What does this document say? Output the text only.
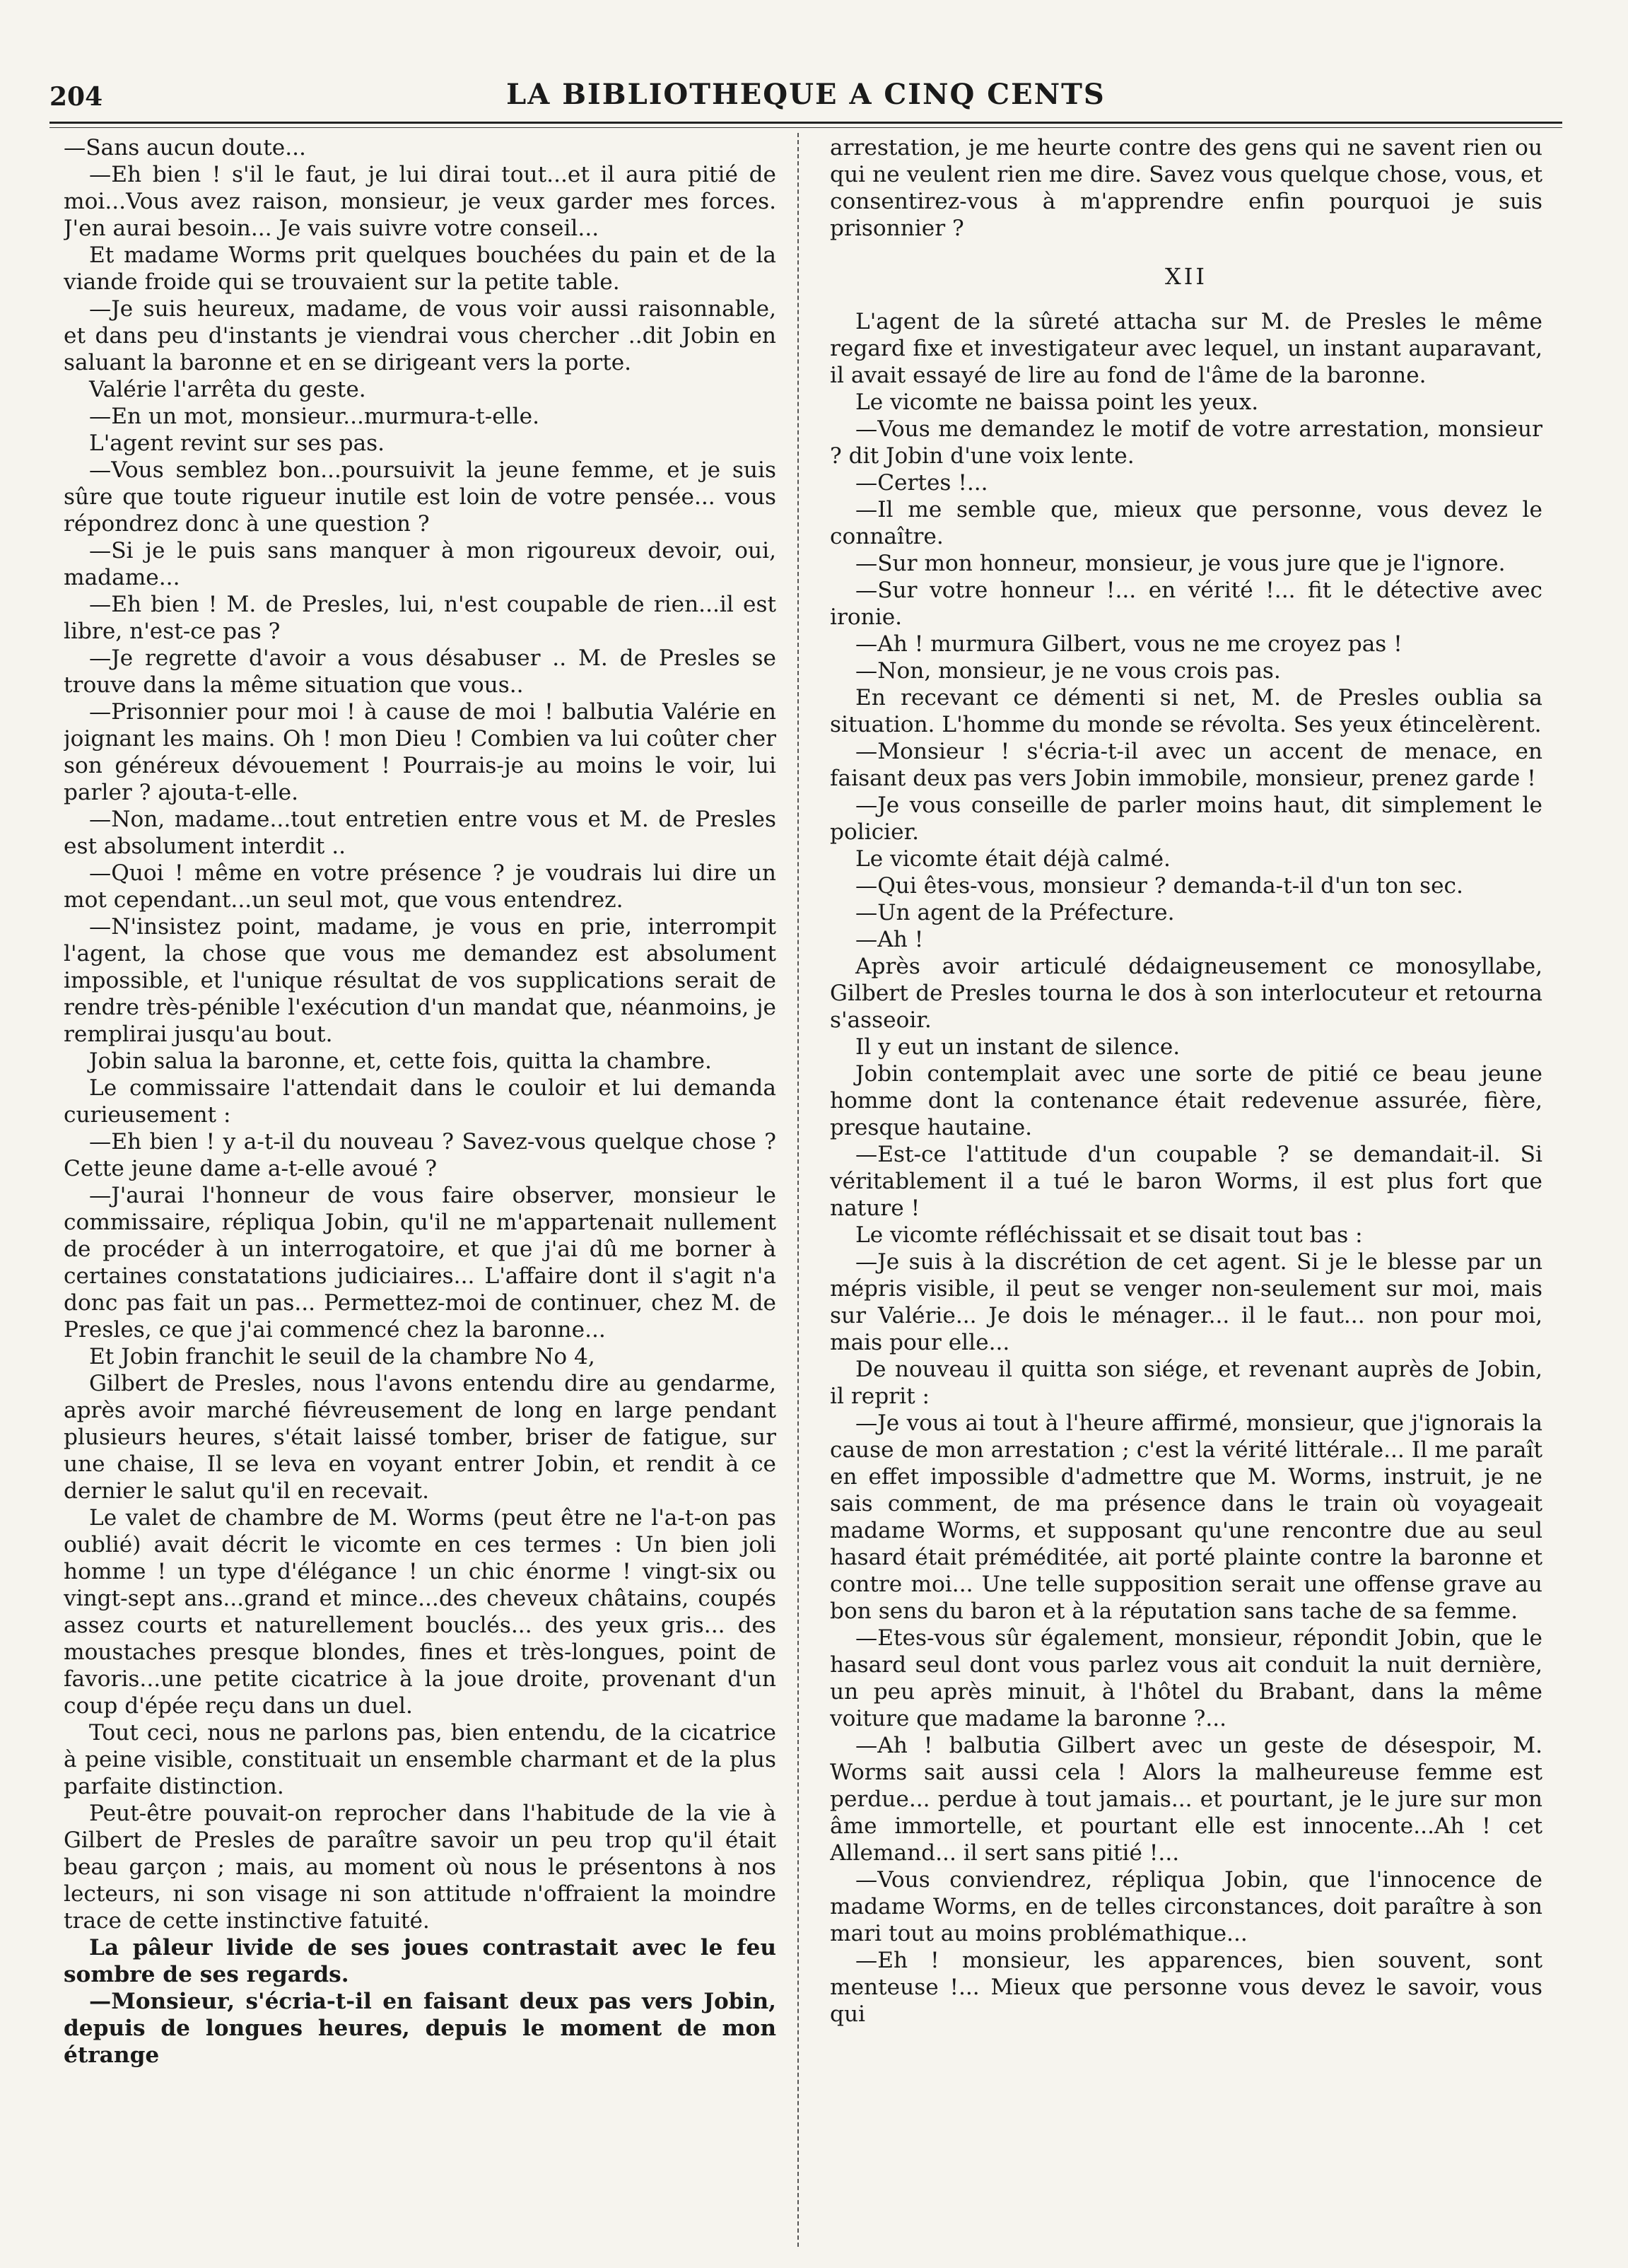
204	LA BIBLIOTHEQUE A CINQ CENTS

—Sans aucun doute...

—Eh bien ! s'il le faut, je lui dirai tout...et il aura pitié de moi...Vous avez raison, monsieur, je veux garder mes forces. J'en aurai besoin... Je vais suivre votre conseil...

Et madame Worms prit quelques bouchées du pain et de la viande froide qui se trouvaient sur la petite table.

—Je suis heureux, madame, de vous voir aussi raisonnable, et dans peu d'instants je viendrai vous chercher ..dit Jobin en saluant la baronne et en se dirigeant vers la porte.

Valérie l'arrêta du geste.

—En un mot, monsieur...murmura-t-elle.

L'agent revint sur ses pas.

—Vous semblez bon...poursuivit la jeune femme, et je suis sûre que toute rigueur inutile est loin de votre pensée... vous répondrez donc à une question ?

—Si je le puis sans manquer à mon rigoureux devoir, oui, madame...

—Eh bien ! M. de Presles, lui, n'est coupable de rien...il est libre, n'est-ce pas ?

—Je regrette d'avoir a vous désabuser .. M. de Presles se trouve dans la même situation que vous..

—Prisonnier pour moi ! à cause de moi ! balbutia Valérie en joignant les mains. Oh ! mon Dieu ! Combien va lui coûter cher son généreux dévouement ! Pourrais-je au moins le voir, lui parler ? ajouta-t-elle.

—Non, madame...tout entretien entre vous et M. de Presles est absolument interdit ..

—Quoi ! même en votre présence ? je voudrais lui dire un mot cependant...un seul mot, que vous entendrez.

—N'insistez point, madame, je vous en prie, interrompit l'agent, la chose que vous me demandez est absolument impossible, et l'unique résultat de vos supplications serait de rendre très-pénible l'exécution d'un mandat que, néanmoins, je remplirai jusqu'au bout.

Jobin salua la baronne, et, cette fois, quitta la chambre.

Le commissaire l'attendait dans le couloir et lui demanda curieusement :

—Eh bien ! y a-t-il du nouveau ? Savez-vous quelque chose ? Cette jeune dame a-t-elle avoué ?

—J'aurai l'honneur de vous faire observer, monsieur le commissaire, répliqua Jobin, qu'il ne m'appartenait nullement de procéder à un interrogatoire, et que j'ai dû me borner à certaines constatations judiciaires... L'affaire dont il s'agit n'a donc pas fait un pas... Permettez-moi de continuer, chez M. de Presles, ce que j'ai commencé chez la baronne...

Et Jobin franchit le seuil de la chambre No 4,

Gilbert de Presles, nous l'avons entendu dire au gendarme, après avoir marché fiévreusement de long en large pendant plusieurs heures, s'était laissé tomber, briser de fatigue, sur une chaise, Il se leva en voyant entrer Jobin, et rendit à ce dernier le salut qu'il en recevait.

Le valet de chambre de M. Worms (peut être ne l'a-t-on pas oublié) avait décrit le vicomte en ces termes : Un bien joli homme ! un type d'élégance ! un chic énorme ! vingt-six ou vingt-sept ans...grand et mince...des cheveux châtains, coupés assez courts et naturellement bouclés... des yeux gris... des moustaches presque blondes, fines et très-longues, point de favoris...une petite cicatrice à la joue droite, provenant d'un coup d'épée reçu dans un duel.

Tout ceci, nous ne parlons pas, bien entendu, de la cicatrice à peine visible, constituait un ensemble charmant et de la plus parfaite distinction.

Peut-être pouvait-on reprocher dans l'habitude de la vie à Gilbert de Presles de paraître savoir un peu trop qu'il était beau garçon ; mais, au moment où nous le présentons à nos lecteurs, ni son visage ni son attitude n'offraient la moindre trace de cette instinctive fatuité.

La pâleur livide de ses joues contrastait avec le feu sombre de ses regards.

—Monsieur, s'écria-t-il en faisant deux pas vers Jobin, depuis de longues heures, depuis le moment de mon étrange

arrestation, je me heurte contre des gens qui ne savent rien ou qui ne veulent rien me dire. Savez vous quelque chose, vous, et consentirez-vous à m'apprendre enfin pourquoi je suis prisonnier ?

XII

L'agent de la sûreté attacha sur M. de Presles le même regard fixe et investigateur avec lequel, un instant auparavant, il avait essayé de lire au fond de l'âme de la baronne.

Le vicomte ne baissa point les yeux.

—Vous me demandez le motif de votre arrestation, monsieur ? dit Jobin d'une voix lente.

—Certes !...

—Il me semble que, mieux que personne, vous devez le connaître.

—Sur mon honneur, monsieur, je vous jure que je l'ignore.

—Sur votre honneur !... en vérité !... fit le détective avec ironie.

—Ah ! murmura Gilbert, vous ne me croyez pas !

—Non, monsieur, je ne vous crois pas.

En recevant ce démenti si net, M. de Presles oublia sa situation. L'homme du monde se révolta. Ses yeux étincelèrent.

—Monsieur ! s'écria-t-il avec un accent de menace, en faisant deux pas vers Jobin immobile, monsieur, prenez garde !

—Je vous conseille de parler moins haut, dit simplement le policier.

Le vicomte était déjà calmé.

—Qui êtes-vous, monsieur ? demanda-t-il d'un ton sec.

—Un agent de la Préfecture.

—Ah !

Après avoir articulé dédaigneusement ce monosyllabe, Gilbert de Presles tourna le dos à son interlocuteur et retourna s'asseoir.

Il y eut un instant de silence.

Jobin contemplait avec une sorte de pitié ce beau jeune homme dont la contenance était redevenue assurée, fière, presque hautaine.

—Est-ce l'attitude d'un coupable ? se demandait-il. Si véritablement il a tué le baron Worms, il est plus fort que nature !

Le vicomte réfléchissait et se disait tout bas :

—Je suis à la discrétion de cet agent. Si je le blesse par un mépris visible, il peut se venger non-seulement sur moi, mais sur Valérie... Je dois le ménager... il le faut... non pour moi, mais pour elle...

De nouveau il quitta son siége, et revenant auprès de Jobin, il reprit :

—Je vous ai tout à l'heure affirmé, monsieur, que j'ignorais la cause de mon arrestation ; c'est la vérité littérale... Il me paraît en effet impossible d'admettre que M. Worms, instruit, je ne sais comment, de ma présence dans le train où voyageait madame Worms, et supposant qu'une rencontre due au seul hasard était préméditée, ait porté plainte contre la baronne et contre moi... Une telle supposition serait une offense grave au bon sens du baron et à la réputation sans tache de sa femme.

—Etes-vous sûr également, monsieur, répondit Jobin, que le hasard seul dont vous parlez vous ait conduit la nuit dernière, un peu après minuit, à l'hôtel du Brabant, dans la même voiture que madame la baronne ?...

—Ah ! balbutia Gilbert avec un geste de désespoir, M. Worms sait aussi cela ! Alors la malheureuse femme est perdue... perdue à tout jamais... et pourtant, je le jure sur mon âme immortelle, et pourtant elle est innocente...Ah ! cet Allemand... il sert sans pitié !...

—Vous conviendrez, répliqua Jobin, que l'innocence de madame Worms, en de telles circonstances, doit paraître à son mari tout au moins problémathique...

—Eh ! monsieur, les apparences, bien souvent, sont menteuse !... Mieux que personne vous devez le savoir, vous qui
